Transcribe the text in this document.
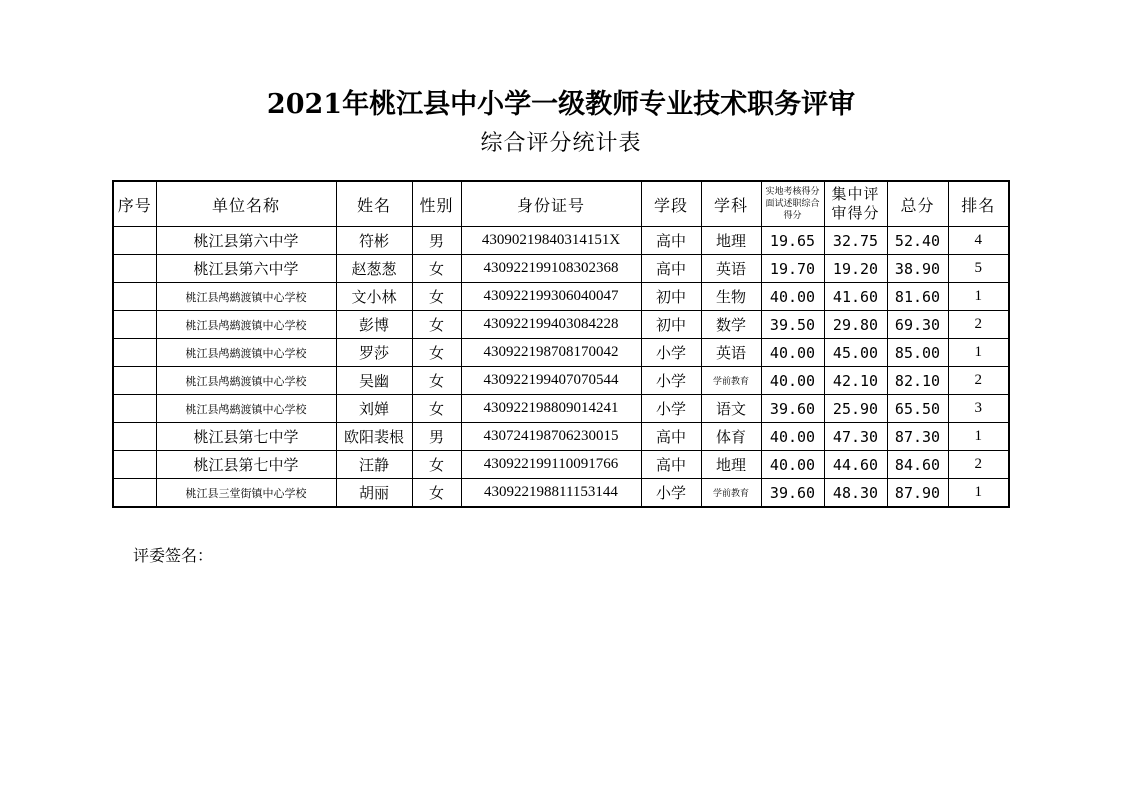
2021年桃江县中小学一级教师专业技术职务评审
综合评分统计表
序号	单位名称	姓名	性别	身份证号	学段	学科	实地考核得分面试述职综合得分	集中评审得分	总分	排名
	桃江县第六中学	符彬	男	43090219840314151X	高中	地理	19.65	32.75	52.40	4
	桃江县第六中学	赵葱葱	女	430922199108302368	高中	英语	19.70	19.20	38.90	5
	桃江县鸬鹚渡镇中心学校	文小林	女	430922199306040047	初中	生物	40.00	41.60	81.60	1
	桃江县鸬鹚渡镇中心学校	彭博	女	430922199403084228	初中	数学	39.50	29.80	69.30	2
	桃江县鸬鹚渡镇中心学校	罗莎	女	430922198708170042	小学	英语	40.00	45.00	85.00	1
	桃江县鸬鹚渡镇中心学校	吴幽	女	430922199407070544	小学	学前教育	40.00	42.10	82.10	2
	桃江县鸬鹚渡镇中心学校	刘婵	女	430922198809014241	小学	语文	39.60	25.90	65.50	3
	桃江县第七中学	欧阳裴根	男	430724198706230015	高中	体育	40.00	47.30	87.30	1
	桃江县第七中学	汪静	女	430922199110091766	高中	地理	40.00	44.60	84.60	2
	桃江县三堂街镇中心学校	胡丽	女	430922198811153144	小学	学前教育	39.60	48.30	87.90	1
评委签名：
